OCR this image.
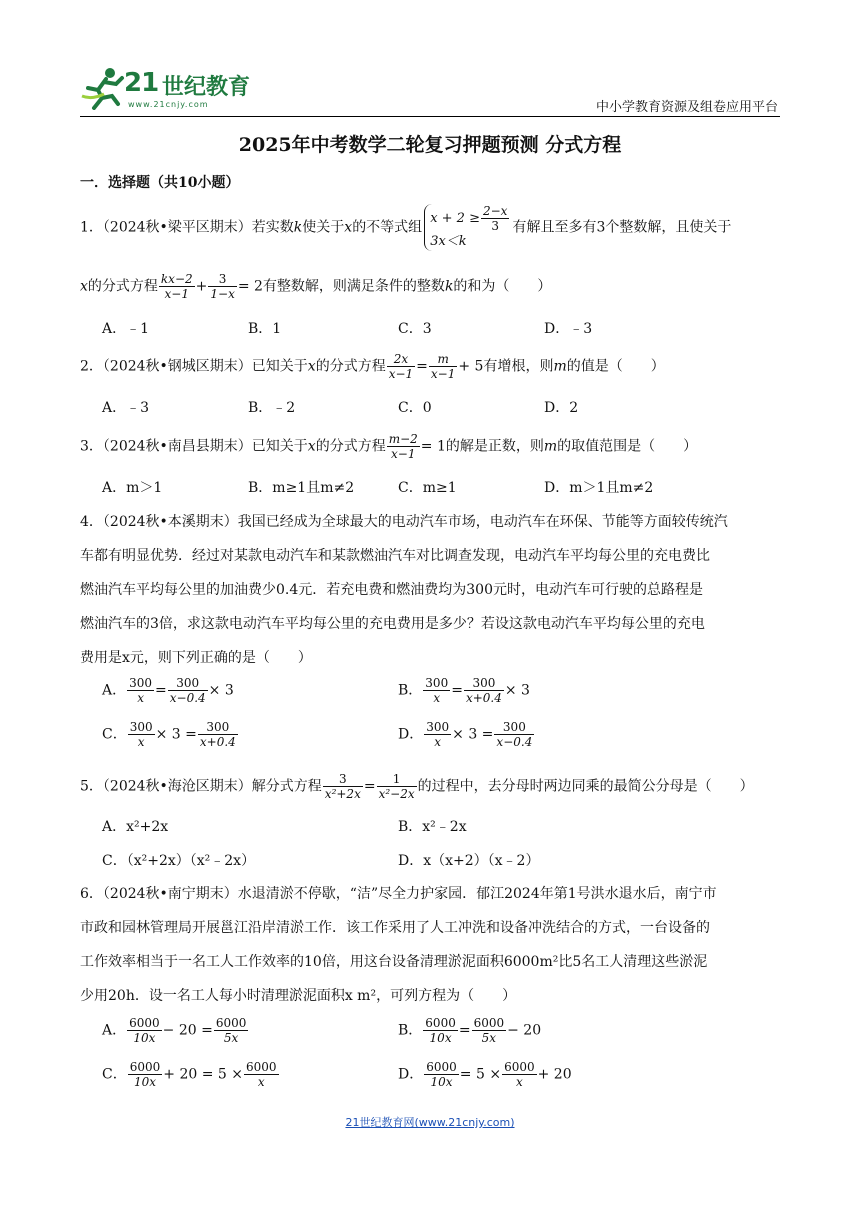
21 世纪教育
www.21cnjy.com	中小学教育资源及组卷应用平台
2025年中考数学二轮复习押题预测 分式方程
一．选择题（共10小题）
1．（2024秋•梁平区期末）若实数k使关于x的不等式组$x + 2 \ge \frac{2-x}{3}$

3x＜k有解且至多有3个整数解，且使关于
x的分式方程 $\frac{kx-2}{x-1} + \frac{3}{1-x} = 2$有整数解，则满足条件的整数k的和为（　　）
A．﹣1	B．1	C．3	D．﹣3
2．（2024秋•钢城区期末）已知关于x的分式方程 $\frac{2x}{x-1} = \frac{m}{x-1} + 5$有增根，则m的值是（　　）
A．﹣3	B．﹣2	C．0	D．2
3．（2024秋•南昌县期末）已知关于x的分式方程 $\frac{m-2}{x-1} = 1$的解是正数，则m的取值范围是（　　）
A．m＞1	B．m≥1且m≠2	C．m≥1	D．m＞1且m≠2
4．（2024秋•本溪期末）我国已经成为全球最大的电动汽车市场，电动汽车在环保、节能等方面较传统汽
车都有明显优势．经过对某款电动汽车和某款燃油汽车对比调查发现，电动汽车平均每公里的充电费比
燃油汽车平均每公里的加油费少0.4元．若充电费和燃油费均为300元时，电动汽车可行驶的总路程是
燃油汽车的3倍，求这款电动汽车平均每公里的充电费用是多少？若设这款电动汽车平均每公里的充电
费用是x元，则下列正确的是（　　）
A． $\frac{300}{x} = \frac{300}{x-0.4} \times 3$	B． $\frac{300}{x} = \frac{300}{x+0.4} \times 3$
C． $\frac{300}{x} \times 3 = \frac{300}{x+0.4}$	D． $\frac{300}{x} \times 3 = \frac{300}{x-0.4}$
5．（2024秋•海沧区期末）解分式方程 $\frac{3}{\text{x²+2x}} = \frac{1}{\text{x²−2x}}$ 的过程中，去分母时两边同乘的最简公分母是（　　）
A．x²+2x	B．x²﹣2x
C．（x²+2x）（x²﹣2x）	D．x（x+2）（x﹣2）
6．（2024秋•南宁期末）水退清淤不停歇，“洁”尽全力护家园．郁江2024年第1号洪水退水后，南宁市
市政和园林管理局开展邕江沿岸清淤工作．该工作采用了人工冲洗和设备冲洗结合的方式，一台设备的
工作效率相当于一名工人工作效率的10倍，用这台设备清理淤泥面积6000m²比5名工人清理这些淤泥
少用20h．设一名工人每小时清理淤泥面积x m²，可列方程为（　　）
A． $\frac{6000}{10x} - 20 = \frac{6000}{5x}$	B． $\frac{6000}{10x} = \frac{6000}{5x} - 20$
C． $\frac{6000}{10x} + 20 = 5 \times \frac{6000}{x}$	D． $\frac{6000}{10x} = 5 \times \frac{6000}{x} + 20$
21世纪教育网(www.21cnjy.com)
